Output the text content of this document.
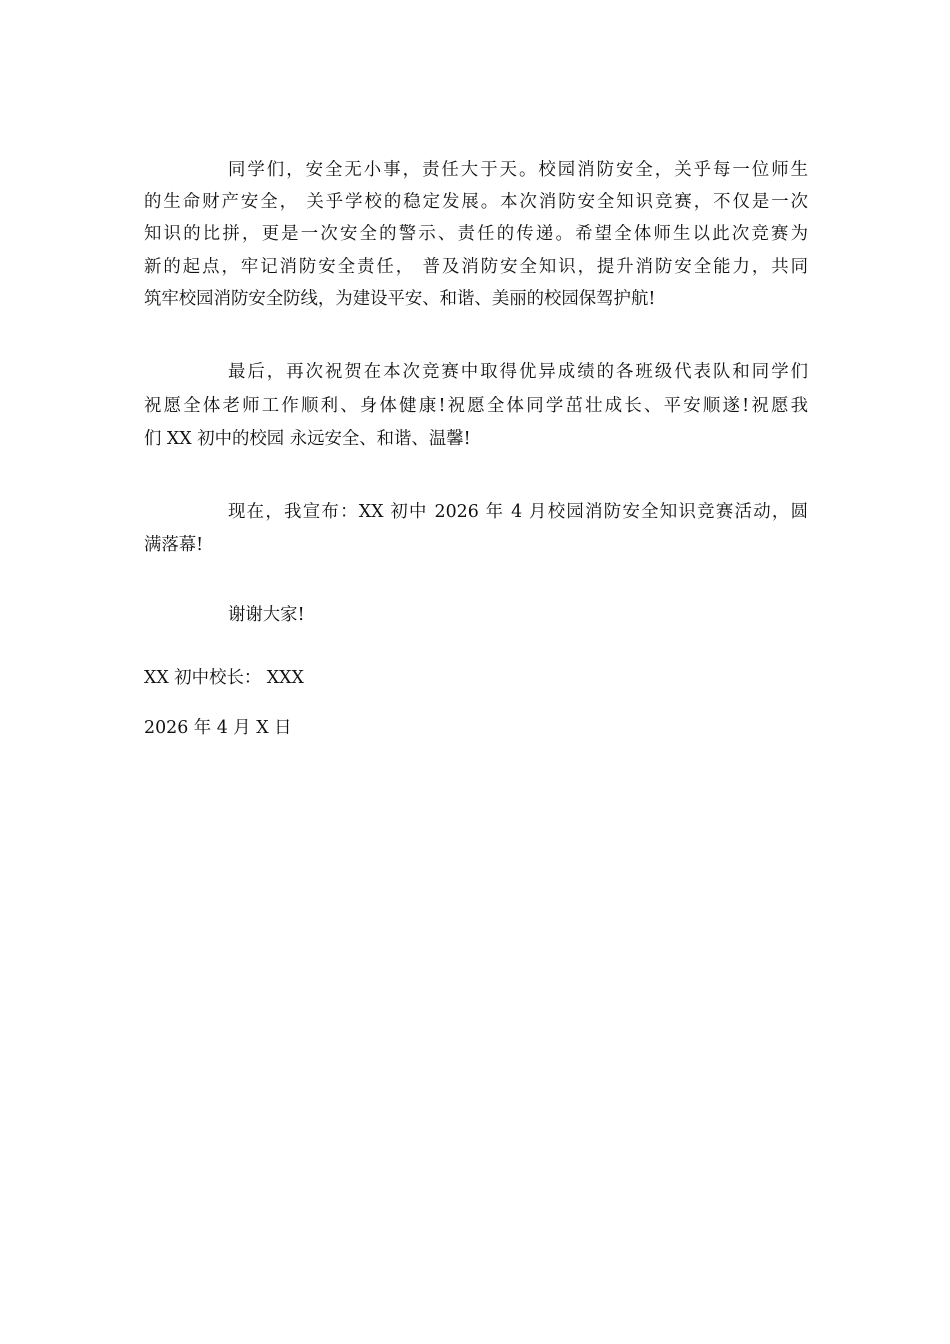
同学们，安全无小事，责任大于天。校园消防安全，关乎每一位师生
的生命财产安全， 关乎学校的稳定发展。本次消防安全知识竞赛，不仅是一次
知识的比拼，更是一次安全的警示、责任的传递。希望全体师生以此次竞赛为
新的起点，牢记消防安全责任， 普及消防安全知识，提升消防安全能力，共同
筑牢校园消防安全防线，为建设平安、和谐、美丽的校园保驾护航!
最后，再次祝贺在本次竞赛中取得优异成绩的各班级代表队和同学们
祝愿全体老师工作顺利、身体健康!祝愿全体同学茁壮成长、平安顺遂!祝愿我
们 XX 初中的校园 永远安全、和谐、温馨!
现在，我宣布：XX 初中 2026 年 4 月校园消防安全知识竞赛活动，圆
满落幕!
谢谢大家!
XX 初中校长： XXX
2026 年 4 月 X 日
